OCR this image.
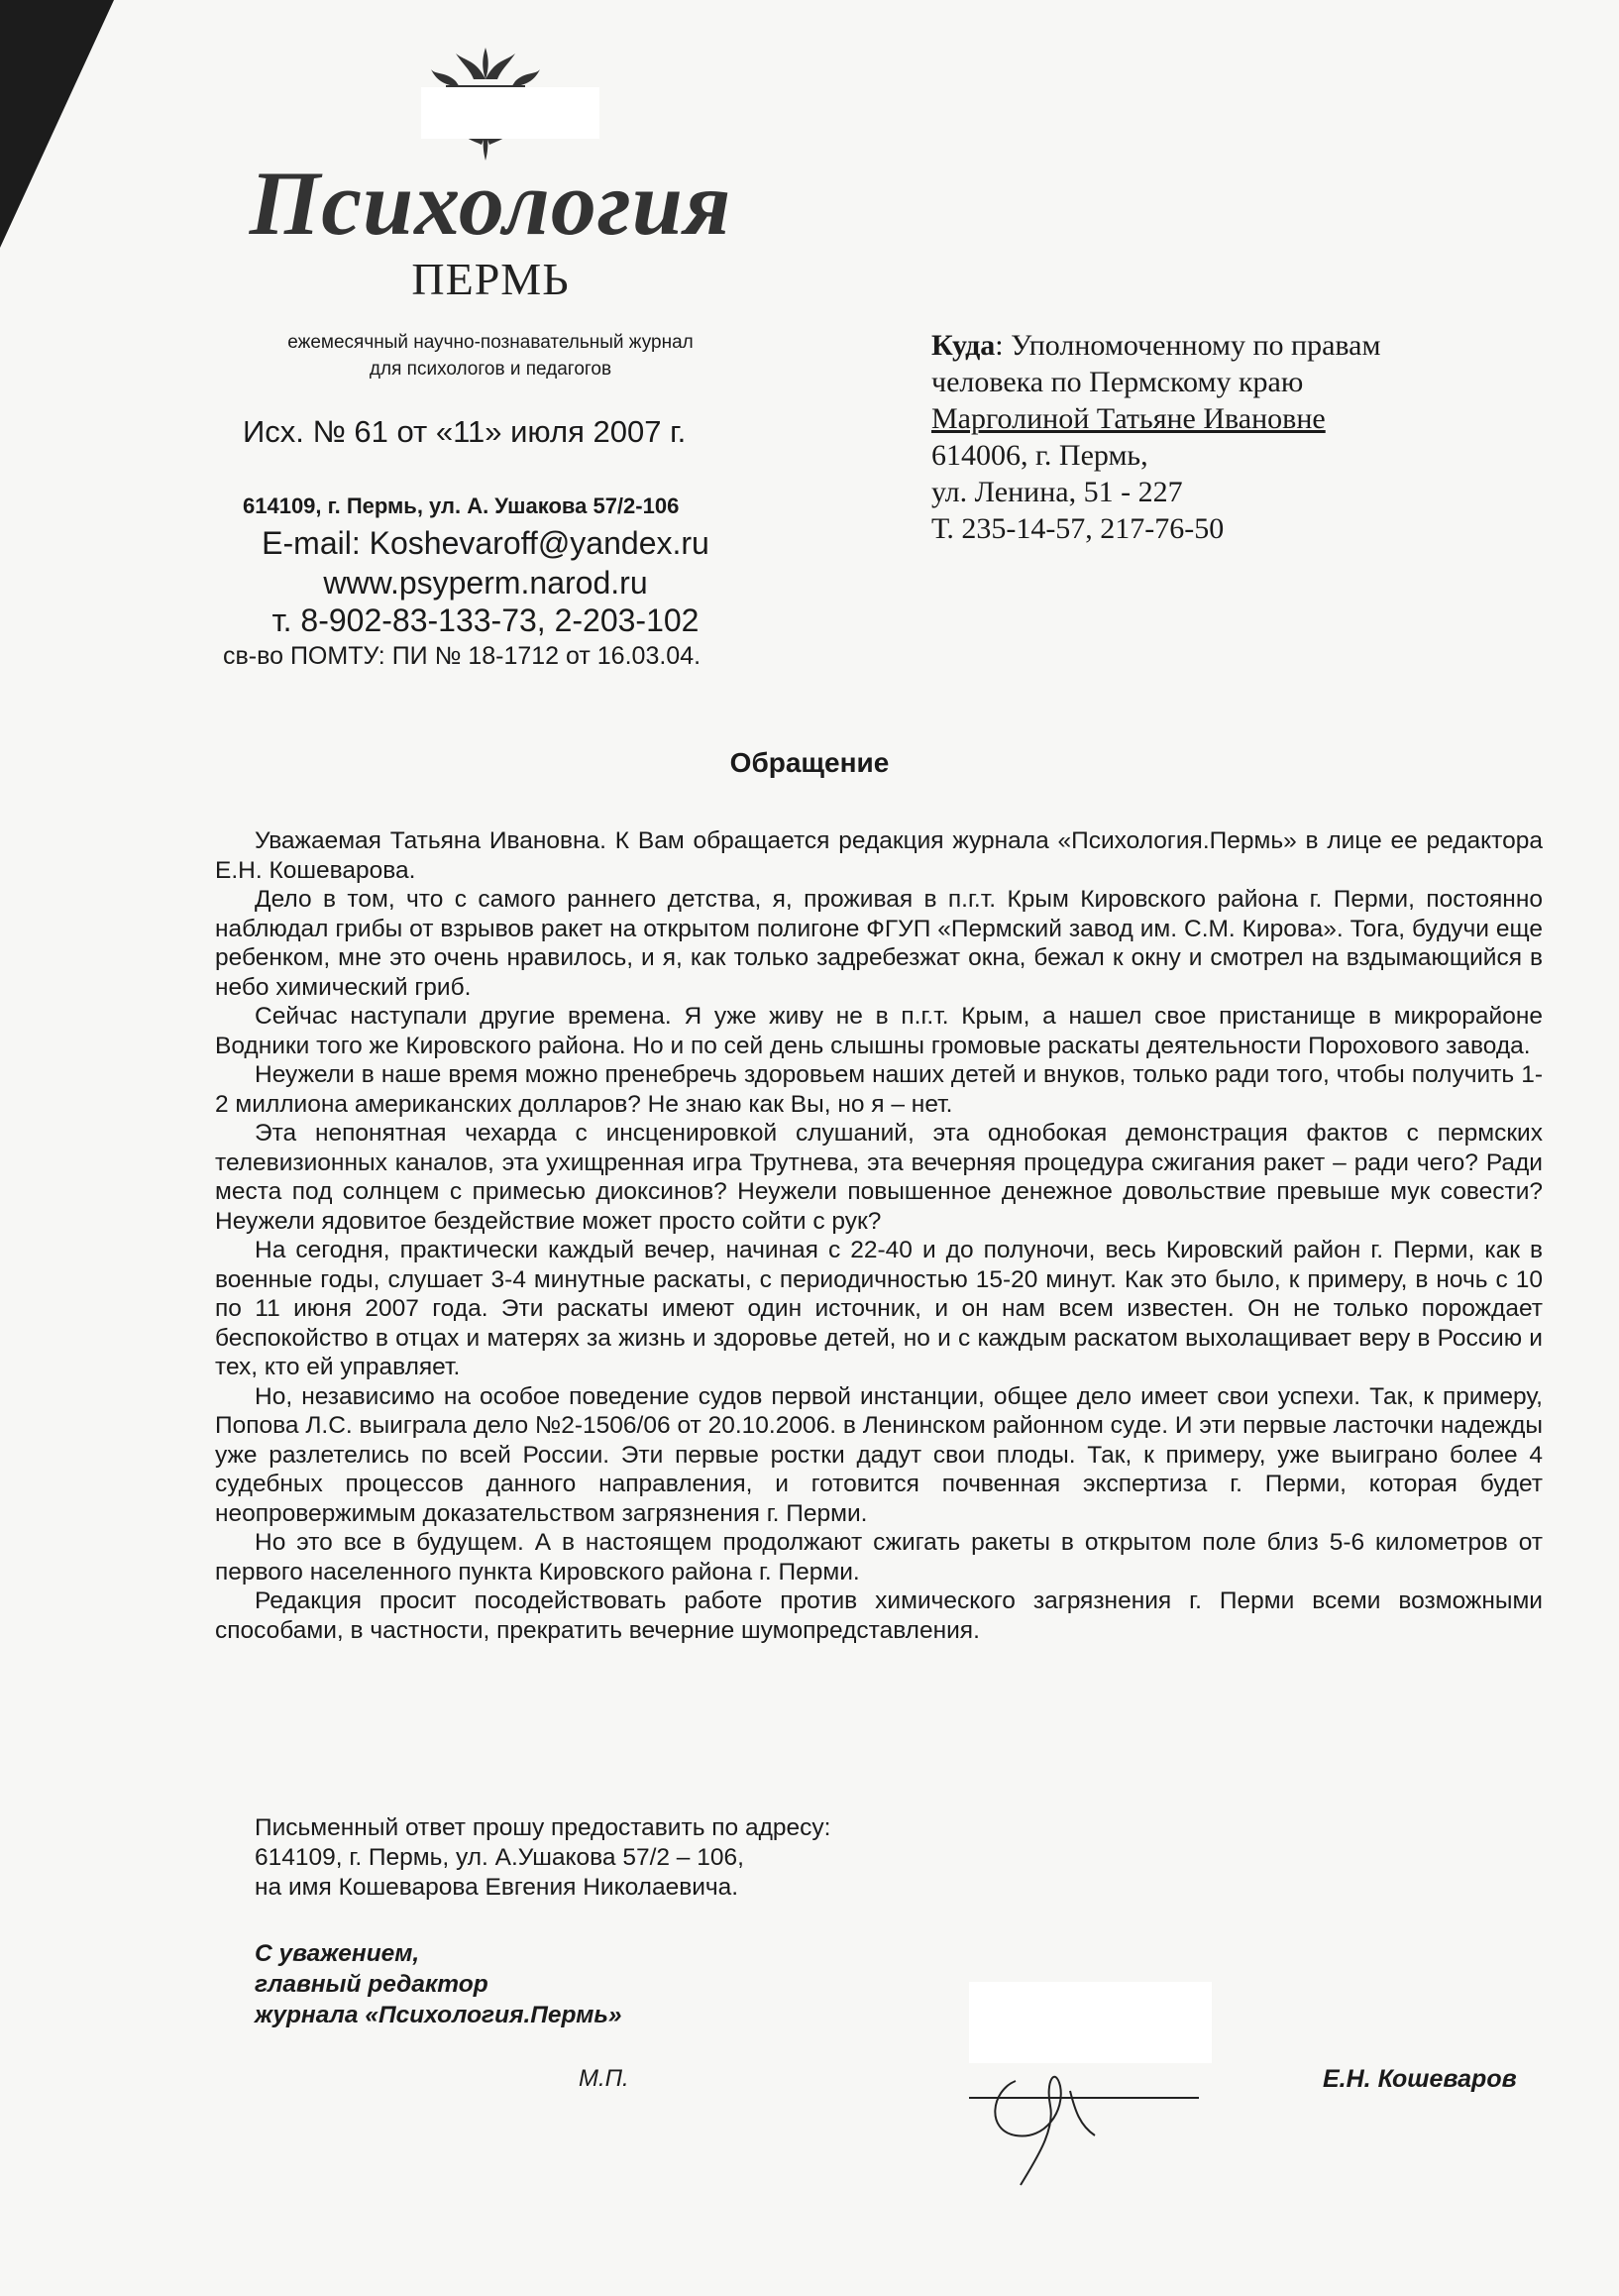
Психология
ПЕРМЬ
ежемесячный научно-познавательный журнал
для психологов и педагогов
Исх. № 61 от «11» июля 2007 г.
614109, г. Пермь, ул. А. Ушакова 57/2-106
E-mail: Koshevaroff@yandex.ru
www.psyperm.narod.ru
т. 8-902-83-133-73, 2-203-102
св-во ПОМТУ: ПИ № 18-1712 от 16.03.04.
Куда: Уполномоченному по правам
человека по Пермскому краю
Марголиной Татьяне Ивановне
614006, г. Пермь,
ул. Ленина, 51 - 227
Т. 235-14-57, 217-76-50
Обращение

Уважаемая Татьяна Ивановна. К Вам обращается редакция журнала «Психология.Пермь» в лице ее редактора Е.Н. Кошеварова.

Дело в том, что с самого раннего детства, я, проживая в п.г.т. Крым Кировского района г. Перми, постоянно наблюдал грибы от взрывов ракет на открытом полигоне ФГУП «Пермский завод им. С.М. Кирова». Тога, будучи еще ребенком, мне это очень нравилось, и я, как только задребезжат окна, бежал к окну и смотрел на вздымающийся в небо химический гриб.

Сейчас наступали другие времена. Я уже живу не в п.г.т. Крым, а нашел свое пристанище в микрорайоне Водники того же Кировского района. Но и по сей день слышны громовые раскаты деятельности Порохового завода.

Неужели в наше время можно пренебречь здоровьем наших детей и внуков, только ради того, чтобы получить 1-2 миллиона американских долларов? Не знаю как Вы, но я – нет.

Эта непонятная чехарда с инсценировкой слушаний, эта однобокая демонстрация фактов с пермских телевизионных каналов, эта ухищренная игра Трутнева, эта вечерняя процедура сжигания ракет – ради чего? Ради места под солнцем с примесью диоксинов? Неужели повышенное денежное довольствие превыше мук совести? Неужели ядовитое бездействие может просто сойти с рук?

На сегодня, практически каждый вечер, начиная с 22-40 и до полуночи, весь Кировский район г. Перми, как в военные годы, слушает 3-4 минутные раскаты, с периодичностью 15-20 минут. Как это было, к примеру, в ночь с 10 по 11 июня 2007 года. Эти раскаты имеют один источник, и он нам всем известен. Он не только порождает беспокойство в отцах и матерях за жизнь и здоровье детей, но и с каждым раскатом выхолащивает веру в Россию и тех, кто ей управляет.

Но, независимо на особое поведение судов первой инстанции, общее дело имеет свои успехи. Так, к примеру, Попова Л.С. выиграла дело №2-1506/06 от 20.10.2006. в Ленинском районном суде. И эти первые ласточки надежды уже разлетелись по всей России. Эти первые ростки дадут свои плоды. Так, к примеру, уже выиграно более 4 судебных процессов данного направления, и готовится почвенная экспертиза г. Перми, которая будет неопровержимым доказательством загрязнения г. Перми.

Но это все в будущем. А в настоящем продолжают сжигать ракеты в открытом поле близ 5-6 километров от первого населенного пункта Кировского района г. Перми.

Редакция просит посодействовать работе против химического загрязнения г. Перми всеми возможными способами, в частности, прекратить вечерние шумопредставления.

Письменный ответ прошу предоставить по адресу:
614109, г. Пермь, ул. А.Ушакова 57/2 – 106,
на имя Кошеварова Евгения Николаевича.
С уважением,
главный редактор
журнала «Психология.Пермь»
М.П.	Е.Н. Кошеваров
